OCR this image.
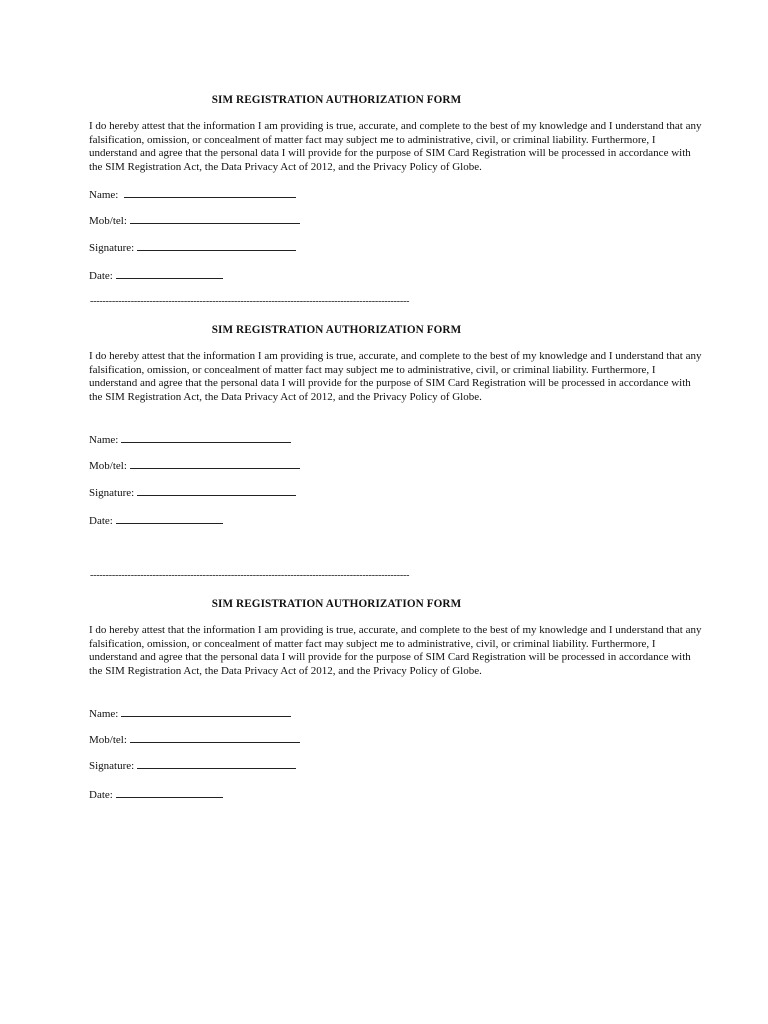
SIM REGISTRATION AUTHORIZATION FORM

I do hereby attest that the information I am providing is true, accurate, and complete to the best of my knowledge and I understand that any falsification, omission, or concealment of matter fact may subject me to administrative, civil, or criminal liability. Furthermore, I understand and agree that the personal data I will provide for the purpose of SIM Card Registration will be processed in accordance with the SIM Registration Act, the Data Privacy Act of 2012, and the Privacy Policy of Globe.

Name:
Mob/tel:
Signature:
Date:
------------------------------------------------------------------------------------------------------
SIM REGISTRATION AUTHORIZATION FORM

I do hereby attest that the information I am providing is true, accurate, and complete to the best of my knowledge and I understand that any falsification, omission, or concealment of matter fact may subject me to administrative, civil, or criminal liability. Furthermore, I understand and agree that the personal data I will provide for the purpose of SIM Card Registration will be processed in accordance with the SIM Registration Act, the Data Privacy Act of 2012, and the Privacy Policy of Globe.

Name:
Mob/tel:
Signature:
Date:
------------------------------------------------------------------------------------------------------
SIM REGISTRATION AUTHORIZATION FORM

I do hereby attest that the information I am providing is true, accurate, and complete to the best of my knowledge and I understand that any falsification, omission, or concealment of matter fact may subject me to administrative, civil, or criminal liability. Furthermore, I understand and agree that the personal data I will provide for the purpose of SIM Card Registration will be processed in accordance with the SIM Registration Act, the Data Privacy Act of 2012, and the Privacy Policy of Globe.

Name:
Mob/tel:
Signature:
Date:
